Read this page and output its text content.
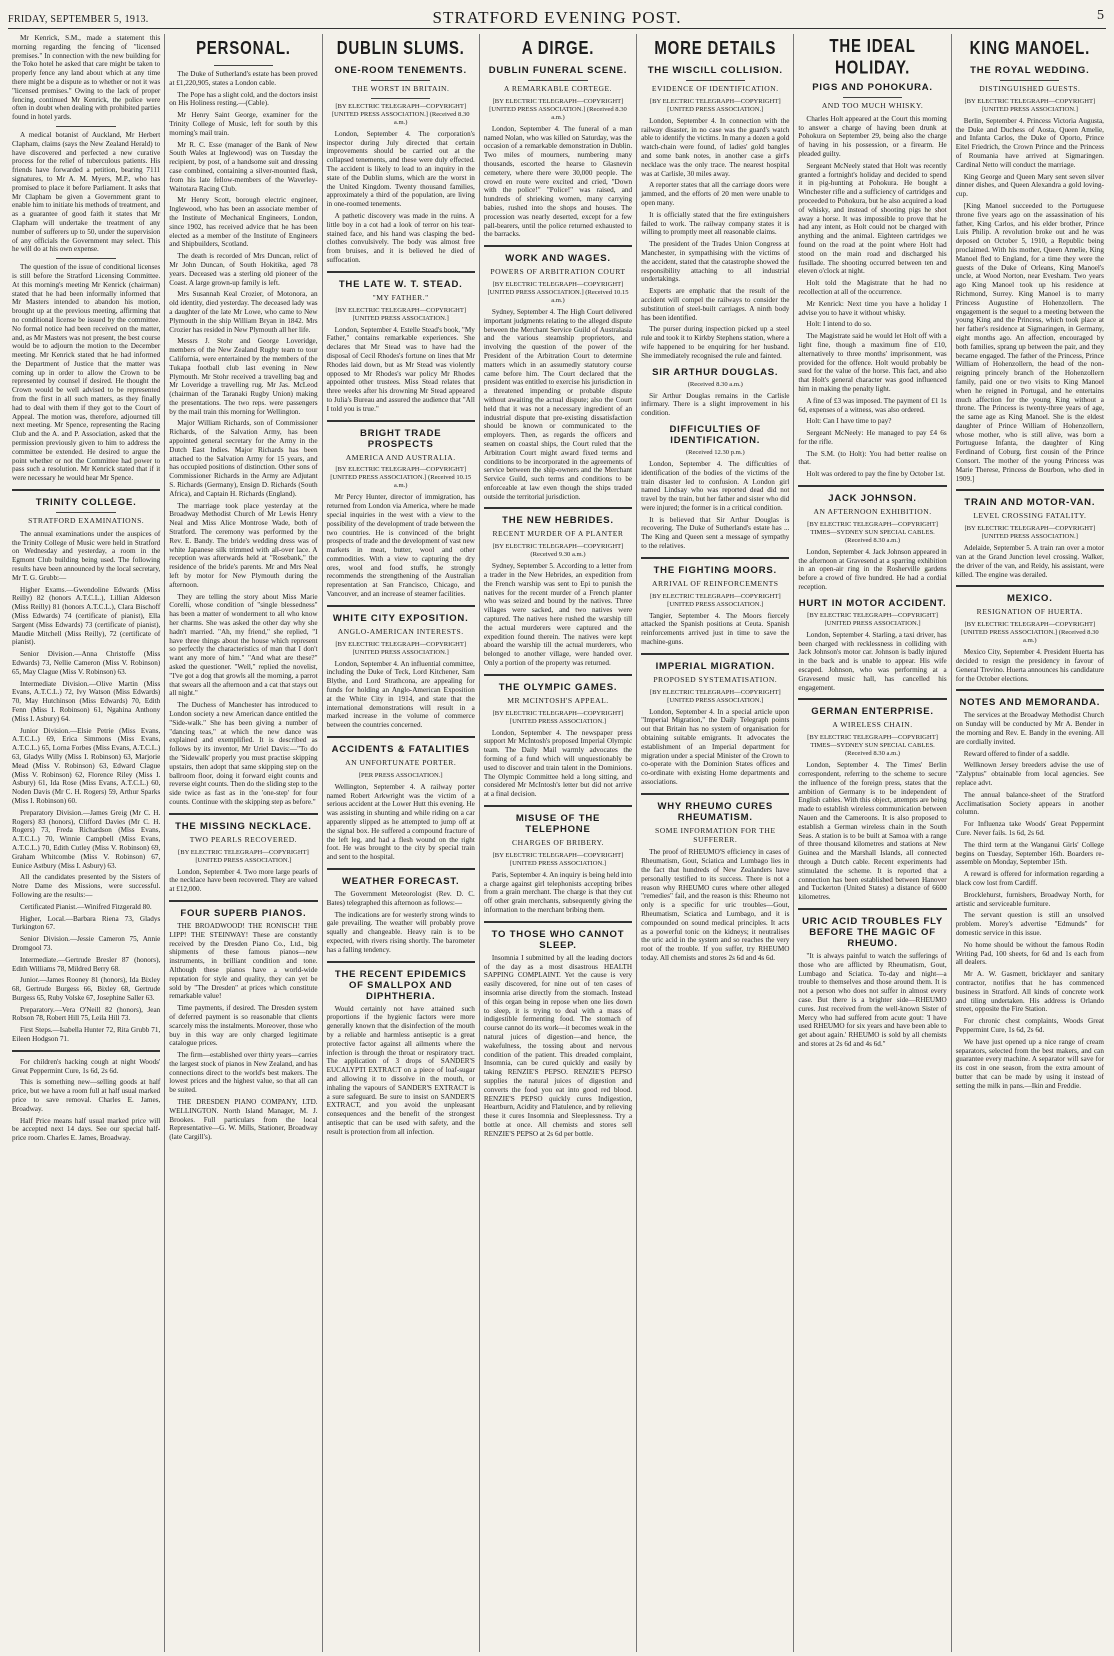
FRIDAY, SEPTEMBER 5, 1913.	STRATFORD EVENING POST.	5

Mr Kenrick, S.M., made a statement this morning regarding the fencing of "licensed premises." In connection with the new building for the Toko hotel he asked that care might be taken to properly fence any land about which at any time there might be a dispute as to whether or not it was "licensed premises." Owing to the lack of proper fencing, continued Mr Kenrick, the police were often in doubt when dealing with prohibited parties found in hotel yards.

A medical botanist of Auckland, Mr Herbert Clapham, claims (says the New Zealand Herald) to have discovered and perfected a new curative process for the relief of tuberculous patients. His friends have forwarded a petition, bearing 7111 signatures, to Mr A. M. Myers, M.P., who has promised to place it before Parliament. It asks that Mr Clapham be given a Government grant to enable him to initiate his methods of treatment, and as a guarantee of good faith it states that Mr Clapham will undertake the treatment of any number of sufferers up to 50, under the supervision of any officials the Government may select. This he will do at his own expense.

The question of the issue of conditional licenses is still before the Stratford Licensing Committee. At this morning's meeting Mr Kenrick (chairman) stated that he had been informally informed that Mr Masters intended to abandon his motion, brought up at the previous meeting, affirming that no conditional license be issued by the committee. No formal notice had been received on the matter, and, as Mr Masters was not present, the best course would be to adjourn the motion to the December meeting. Mr Kenrick stated that he had informed the Department of Justice that the matter was coming up in order to allow the Crown to be represented by counsel if desired. He thought the Crown would be well advised to be represented from the first in all such matters, as they finally had to deal with them if they got to the Court of Appeal. The motion was, therefore, adjourned till next meeting. Mr Spence, representing the Racing Club and the A. and P. Association, asked that the permission previously given to him to address the committee be extended. He desired to argue the point whether or not the Committee had power to pass such a resolution. Mr Kenrick stated that if it were necessary he would hear Mr Spence.

TRINITY COLLEGE.
STRATFORD EXAMINATIONS.

The annual examinations under the auspices of the Trinity College of Music were held in Stratford on Wednesday and yesterday, a room in the Egmont Club building being used. The following results have been announced by the local secretary, Mr T. G. Grubb:—

Higher Exams.—Gwendoline Edwards (Miss Reilly) 82 (honors A.T.C.L.), Lillian Alderson (Miss Reilly) 81 (honors A.T.C.L.), Clara Bischoff (Miss Edwards) 74 (certificate of pianist), Ella Sargent (Miss Edwards) 73 (certificate of pianist), Maudie Mitchell (Miss Reilly), 72 (certificate of pianist).

Senior Division.—Anna Christoffe (Miss Edwards) 73, Nellie Cameron (Miss V. Robinson) 65, May Clague (Miss V. Robinson) 63.

Intermediate Division.—Olive Martin (Miss Evans, A.T.C.L.) 72, Ivy Watson (Miss Edwards) 70, May Hutchinson (Miss Edwards) 70, Edith Fenn (Miss I. Robinson) 61, Ngahina Anthony (Miss I. Asbury) 64.

Junior Division.—Elsie Petrie (Miss Evans, A.T.C.L.) 69, Erica Simmons (Miss Evans, A.T.C.L.) 65, Lorna Forbes (Miss Evans, A.T.C.L.) 63, Gladys Willy (Miss I. Robinson) 63, Marjorie Mead (Miss V. Robinson) 63, Edward Clague (Miss V. Robinson) 62, Florence Riley (Miss I. Asbury) 61, Ida Rose (Miss Evans, A.T.C.L.) 60, Noden Davis (Mr C. H. Rogers) 59, Arthur Sparks (Miss I. Robinson) 60.

Preparatory Division.—James Greig (Mr C. H. Rogers) 83 (honors), Clifford Davies (Mr C. H. Rogers) 73, Freda Richardson (Miss Evans, A.T.C.L.) 70, Winnie Campbell (Miss Evans, A.T.C.L.) 70, Edith Cutley (Miss V. Robinson) 69, Graham Whitcombe (Miss V. Robinson) 67, Eunice Astbury (Miss I. Asbury) 63.

All the candidates presented by the Sisters of Notre Dame des Missions, were successful. Following are the results:—

Certificated Pianist.—Winifred Fitzgerald 80.

Higher, Local.—Barbara Riena 73, Gladys Turkington 67.

Senior Division.—Jessie Cameron 75, Annie Dromgool 73.

Intermediate.—Gertrude Bresler 87 (honors), Edith Williams 78, Mildred Berry 68.

Junior.—James Rooney 81 (honors), Ida Bixley 68, Gertrude Burgess 66, Bixley 68, Gertrude Burgess 65, Ruby Volske 67, Josephine Saller 63.

Preparatory.—Vera O'Neill 82 (honors), Jean Robson 78, Robert Hill 75, Leila Hill 73.

First Steps.—Isabella Hunter 72, Rita Grubb 71, Eileen Hodgson 71.

For children's hacking cough at night Woods' Great Peppermint Cure, 1s 6d, 2s 6d.

This is something new—selling goods at half price, but we have a room full at half usual marked price to save removal. Charles E. James, Broadway.

Half Price means half usual marked price will be accepted next 14 days. See our special half-price room. Charles E. James, Broadway.

PERSONAL.

The Duke of Sutherland's estate has been proved at £1,220,905, states a London cable.

The Pope has a slight cold, and the doctors insist on His Holiness resting.—(Cable).

Mr Henry Saint George, examiner for the Trinity College of Music, left for south by this morning's mail train.

Mr R. C. Esse (manager of the Bank of New South Wales at Inglewood) was on Tuesday the recipient, by post, of a handsome suit and dressing case combined, containing a silver-mounted flask, from his late fellow-members of the Waverley-Waitotara Racing Club.

Mr Henry Scott, borough electric engineer, Inglewood, who has been an associate member of the Institute of Mechanical Engineers, London, since 1902, has received advice that he has been elected as a member of the Institute of Engineers and Shipbuilders, Scotland.

The death is recorded of Mrs Duncan, relict of Mr John Duncan, of South Hokitika, aged 78 years. Deceased was a sterling old pioneer of the Coast. A large grown-up family is left.

Mrs Susannah Keal Crozier, of Motonora, an old identity, died yesterday. The deceased lady was a daughter of the late Mr Lowe, who came to New Plymouth in the ship William Bryan in 1842. Mrs Crozier has resided in New Plymouth all her life.

Messrs J. Stohr and George Loveridge, members of the New Zealand Rugby team to tour California, were entertained by the members of the Tukapa football club last evening in New Plymouth. Mr Stohr received a travelling bag and Mr Loveridge a travelling rug. Mr Jas. McLeod (chairman of the Taranaki Rugby Union) making the presentations. The two reps. were passengers by the mail train this morning for Wellington.

Major William Richards, son of Commissioner Richards, of the Salvation Army, has been appointed general secretary for the Army in the Dutch East Indies. Major Richards has been attached to the Salvation Army for 15 years, and has occupied positions of distinction. Other sons of Commissioner Richards in the Army are Adjutant S. Richards (Germany), Ensign D. Richards (South Africa), and Captain H. Richards (England).

The marriage took place yesterday at the Broadway Methodist Church of Mr Lewis Henry Neal and Miss Alice Montrose Wade, both of Stratford. The ceremony was performed by the Rev. E. Bandy. The bride's wedding dress was of white Japanese silk trimmed with all-over lace. A reception was afterwards held at "Rosebank," the residence of the bride's parents. Mr and Mrs Neal left by motor for New Plymouth during the afternoon.

They are telling the story about Miss Marie Corelli, whose condition of "single blessedness" has been a matter of wonderment to all who know her charms. She was asked the other day why she hadn't married. "Ah, my friend," she replied, "I have three things about the house which represent so perfectly the characteristics of man that I don't want any more of him." "And what are these?" asked the questioner. "Well," replied the novelist, "I've got a dog that growls all the morning, a parrot that swears all the afternoon and a cat that stays out all night."

The Duchess of Manchester has introduced to London society a new American dance entitled the "Side-walk." She has been giving a number of "dancing teas," at which the new dance was explained and exemplified. It is described as follows by its inventor, Mr Uriel Davis:—"To do the 'Sidewalk' properly you must practise skipping upstairs, then adopt that same skipping step on the ballroom floor, doing it forward eight counts and reverse eight counts. Then do the sliding step to the side twice as fast as in the 'one-step' for four counts. Continue with the skipping step as before."

THE MISSING NECKLACE.
TWO PEARLS RECOVERED.
[BY ELECTRIC TELEGRAPH—COPYRIGHT] [UNITED PRESS ASSOCIATION.]

London, September 4. Two more large pearls of the necklace have been recovered. They are valued at £12,000.

FOUR SUPERB PIANOS.

THE BROADWOOD! THE RONISCH! THE LIPP! THE STEINWAY! These are constantly received by the Dresden Piano Co., Ltd., big shipments of these famous pianos—new instruments, in brilliant condition and tone. Although these pianos have a world-wide reputation for style and quality, they can yet be sold by "The Dresden" at prices which constitute remarkable value!

Time payments, if desired. The Dresden system of deferred payment is so reasonable that clients scarcely miss the instalments. Moreover, those who buy in this way are only charged legitimate catalogue prices.

The firm—established over thirty years—carries the largest stock of pianos in New Zealand, and has connections direct to the world's best makers. The lowest prices and the highest value, so that all can be suited.

THE DRESDEN PIANO COMPANY, LTD. WELLINGTON. North Island Manager, M. J. Brookes. Full particulars from the local Representative—G. W. Mills, Stationer, Broadway (late Cargill's).

DUBLIN SLUMS.
ONE-ROOM TENEMENTS.
THE WORST IN BRITAIN.
[BY ELECTRIC TELEGRAPH—COPYRIGHT] [UNITED PRESS ASSOCIATION.] (Received 8.30 a.m.)

London, September 4. The corporation's inspector during July directed that certain improvements should be carried out at the collapsed tenements, and these were duly effected. The accident is likely to lead to an inquiry in the state of the Dublin slums, which are the worst in the United Kingdom. Twenty thousand families, approximately a third of the population, are living in one-roomed tenements.

A pathetic discovery was made in the ruins. A little boy in a cot had a look of terror on his tear-stained face, and his hand was clasping the bed-clothes convulsively. The body was almost free from bruises, and it is believed he died of suffocation.

THE LATE W. T. STEAD.
"MY FATHER."
[BY ELECTRIC TELEGRAPH—COPYRIGHT] [UNITED PRESS ASSOCIATION.]

London, September 4. Estelle Stead's book, "My Father," contains remarkable experiences. She declares that Mr Stead was to have had the disposal of Cecil Rhodes's fortune on lines that Mr Rhodes laid down, but as Mr Stead was violently opposed to Mr Rhodes's war policy Mr Rhodes appointed other trustees. Miss Stead relates that three weeks after his drowning Mr Stead appeared to Julia's Bureau and assured the audience that "All I told you is true."

BRIGHT TRADE PROSPECTS
AMERICA AND AUSTRALIA.
[BY ELECTRIC TELEGRAPH—COPYRIGHT] [UNITED PRESS ASSOCIATION.] (Received 10.15 a.m.)

Mr Percy Hunter, director of immigration, has returned from London via America, where he made special inquiries in the west with a view to the possibility of the development of trade between the two countries. He is convinced of the bright prospects of trade and the development of vast new markets in meat, butter, wool and other commodities. With a view to capturing the dry ores, wool and food stuffs, he strongly recommends the strengthening of the Australian representation at San Francisco, Chicago, and Vancouver, and an increase of steamer facilities.

WHITE CITY EXPOSITION.
ANGLO-AMERICAN INTERESTS.
[BY ELECTRIC TELEGRAPH—COPYRIGHT] [UNITED PRESS ASSOCIATION.]

London, September 4. An influential committee, including the Duke of Teck, Lord Kitchener, Sam Blythe, and Lord Strathcona, are appealing for funds for holding an Anglo-American Exposition at the White City in 1914, and state that the international demonstrations will result in a marked increase in the volume of commerce between the countries concerned.

ACCIDENTS & FATALITIES
AN UNFORTUNATE PORTER.
[PER PRESS ASSOCIATION.]

Wellington, September 4. A railway porter named Robert Arkwright was the victim of a serious accident at the Lower Hutt this evening. He was assisting in shunting and while riding on a car apparently slipped as he attempted to jump off at the signal box. He suffered a compound fracture of the left leg, and had a flesh wound on the right foot. He was brought to the city by special train and sent to the hospital.

WEATHER FORECAST.

The Government Meteorologist (Rev. D. C. Bates) telegraphed this afternoon as follows:—

The indications are for westerly strong winds to gale prevailing. The weather will probably prove squally and changeable. Heavy rain is to be expected, with rivers rising shortly. The barometer has a falling tendency.

THE RECENT EPIDEMICS OF SMALLPOX AND DIPHTHERIA.

Would certainly not have attained such proportions if the hygienic factors were more generally known that the disinfection of the mouth by a reliable and harmless antiseptic is a great protective factor against all ailments where the infection is through the throat or respiratory tract. The application of 3 drops of SANDER'S EUCALYPTI EXTRACT on a piece of loaf-sugar and allowing it to dissolve in the mouth, or inhaling the vapours of SANDER'S EXTRACT is a sure safeguard. Be sure to insist on SANDER'S EXTRACT, and you avoid the unpleasant consequences and the benefit of the strongest antiseptic that can be used with safety, and the result is protection from all infection.

A DIRGE.
DUBLIN FUNERAL SCENE.
A REMARKABLE CORTEGE.
[BY ELECTRIC TELEGRAPH—COPYRIGHT] [UNITED PRESS ASSOCIATION.] (Received 8.30 a.m.)

London, September 4. The funeral of a man named Nolan, who was killed on Saturday, was the occasion of a remarkable demonstration in Dublin. Two miles of mourners, numbering many thousands, escorted the hearse to Glasnevin cemetery, where there were 30,000 people. The crowd en route were excited and cried, "Down with the police!" "Police!" was raised, and hundreds of shrieking women, many carrying babies, rushed into the shops and houses. The procession was nearly deserted, except for a few pall-bearers, until the police returned exhausted to the barracks.

WORK AND WAGES.
POWERS OF ARBITRATION COURT
[BY ELECTRIC TELEGRAPH—COPYRIGHT] [UNITED PRESS ASSOCIATION.] (Received 10.15 a.m.)

Sydney, September 4. The High Court delivered important judgments relating to the alleged dispute between the Merchant Service Guild of Australasia and the various steamship proprietors, and involving the question of the power of the President of the Arbitration Court to determine matters which in an assumedly statutory course came before him. The Court declared that the president was entitled to exercise his jurisdiction in a threatened impending or probable dispute without awaiting the actual dispute; also the Court held that it was not a necessary ingredient of an industrial dispute that pre-existing dissatisfaction should be known or communicated to the employers. Then, as regards the officers and seamen on coastal ships, the Court ruled that the Arbitration Court might award fixed terms and conditions to be incorporated in the agreements of service between the ship-owners and the Merchant Service Guild, such terms and conditions to be enforceable at law even though the ships traded outside the territorial jurisdiction.

THE NEW HEBRIDES.
RECENT MURDER OF A PLANTER
[BY ELECTRIC TELEGRAPH—COPYRIGHT] (Received 9.30 a.m.)

Sydney, September 5. According to a letter from a trader in the New Hebrides, an expedition from the French warship was sent to Epi to punish the natives for the recent murder of a French planter who was seized and bound by the natives. Three villages were sacked, and two natives were captured. The natives here rushed the warship till the actual murderers were captured and the expedition found therein. The natives were kept aboard the warship till the actual murderers, who belonged to another village, were handed over. Only a portion of the property was returned.

THE OLYMPIC GAMES.
MR MCINTOSH'S APPEAL.
[BY ELECTRIC TELEGRAPH—COPYRIGHT] [UNITED PRESS ASSOCIATION.]

London, September 4. The newspaper press support Mr McIntosh's proposed Imperial Olympic team. The Daily Mail warmly advocates the forming of a fund which will unquestionably be used to discover and train talent in the Dominions. The Olympic Committee held a long sitting, and considered Mr McIntosh's letter but did not arrive at a final decision.

MISUSE OF THE TELEPHONE
CHARGES OF BRIBERY.
[BY ELECTRIC TELEGRAPH—COPYRIGHT] [UNITED PRESS ASSOCIATION.]

Paris, September 4. An inquiry is being held into a charge against girl telephonists accepting bribes from a grain merchant. The charge is that they cut off other grain merchants, subsequently giving the information to the merchant bribing them.

TO THOSE WHO CANNOT SLEEP.

Insomnia I submitted by all the leading doctors of the day as a most disastrous HEALTH SAPPING COMPLAINT. Yet the cause is very easily discovered, for nine out of ten cases of insomnia arise directly from the stomach. Instead of this organ being in repose when one lies down to sleep, it is trying to deal with a mass of indigestible fermenting food. The stomach of course cannot do its work—it becomes weak in the natural juices of digestion—and hence, the wakefulness, the tossing about and nervous condition of the patient. This dreaded complaint, Insomnia, can be cured quickly and easily by taking RENZIE'S PEPSO. RENZIE'S PEPSO supplies the natural juices of digestion and converts the food you eat into good red blood. RENZIE'S PEPSO quickly cures Indigestion, Heartburn, Acidity and Flatulence, and by relieving these it cures Insomnia and Sleeplessness. Try a bottle at once. All chemists and stores sell RENZIE'S PEPSO at 2s 6d per bottle.

MORE DETAILS
THE WISCILL COLLISION.
EVIDENCE OF IDENTIFICATION.
[BY ELECTRIC TELEGRAPH—COPYRIGHT] [UNITED PRESS ASSOCIATION.]

London, September 4. In connection with the railway disaster, in no case was the guard's watch able to identify the victims. In many a dozen a gold watch-chain were found, of ladies' gold bangles and some bank notes, in another case a girl's necklace was the only trace. The nearest hospital was at Carlisle, 30 miles away.

A reporter states that all the carriage doors were jammed, and the efforts of 20 men were unable to open many.

It is officially stated that the fire extinguishers failed to work. The railway company states it is willing to promptly meet all reasonable claims.

The president of the Trades Union Congress at Manchester, in sympathising with the victims of the accident, stated that the catastrophe showed the responsibility attaching to all industrial undertakings.

Experts are emphatic that the result of the accident will compel the railways to consider the substitution of steel-built carriages. A ninth body has been identified.

The purser during inspection picked up a steel rule and took it to Kirkby Stephens station, where a wife happened to be enquiring for her husband. She immediately recognised the rule and fainted.

SIR ARTHUR DOUGLAS.
(Received 8.30 a.m.)

Sir Arthur Douglas remains in the Carlisle infirmary. There is a slight improvement in his condition.

DIFFICULTIES OF IDENTIFICATION.
(Received 12.30 p.m.)

London, September 4. The difficulties of identification of the bodies of the victims of the train disaster led to confusion. A London girl named Lindsay who was reported dead did not travel by the train, but her father and sister who did were injured; the former is in a critical condition.

It is believed that Sir Arthur Douglas is recovering. The Duke of Sutherland's estate has ... The King and Queen sent a message of sympathy to the relatives.

THE FIGHTING MOORS.
ARRIVAL OF REINFORCEMENTS
[BY ELECTRIC TELEGRAPH—COPYRIGHT] [UNITED PRESS ASSOCIATION.]

Tangier, September 4. The Moors fiercely attacked the Spanish positions at Ceuta. Spanish reinforcements arrived just in time to save the machine-guns.

IMPERIAL MIGRATION.
PROPOSED SYSTEMATISATION.
[BY ELECTRIC TELEGRAPH—COPYRIGHT] [UNITED PRESS ASSOCIATION.]

London, September 4. In a special article upon "Imperial Migration," the Daily Telegraph points out that Britain has no system of organisation for obtaining suitable emigrants. It advocates the establishment of an Imperial department for migration under a special Minister of the Crown to co-operate with the Dominion States offices and co-ordinate with existing Home departments and associations.

WHY RHEUMO CURES RHEUMATISM.
SOME INFORMATION FOR THE SUFFERER.

The proof of RHEUMO'S efficiency in cases of Rheumatism, Gout, Sciatica and Lumbago lies in the fact that hundreds of New Zealanders have personally testified to its success. There is not a reason why RHEUMO cures where other alleged "remedies" fail, and the reason is this: Rheumo not only is a specific for uric troubles—Gout, Rheumatism, Sciatica and Lumbago, and it is compounded on sound medical principles. It acts as a powerful tonic on the kidneys; it neutralises the uric acid in the system and so reaches the very root of the trouble. If you suffer, try RHEUMO today. All chemists and stores 2s 6d and 4s 6d.

THE IDEAL HOLIDAY.
PIGS AND POHOKURA.
AND TOO MUCH WHISKY.

Charles Holt appeared at the Court this morning to answer a charge of having been drunk at Pohokura on September 29, being also the charge of having in his possession, or a firearm. He pleaded guilty.

Sergeant McNeely stated that Holt was recently granted a fortnight's holiday and decided to spend it in pig-hunting at Pohokura. He bought a Winchester rifle and a sufficiency of cartridges and proceeded to Pohokura, but he also acquired a load of whisky, and instead of shooting pigs he shot away a horse. It was impossible to prove that he had any intent, as Holt could not be charged with anything and the animal. Eighteen cartridges we found on the road at the point where Holt had stood on the main road and discharged his fusillade. The shooting occurred between ten and eleven o'clock at night.

Holt told the Magistrate that he had no recollection at all of the occurrence.

Mr Kenrick: Next time you have a holiday I advise you to have it without whisky.

Holt: I intend to do so.

The Magistrate said he would let Holt off with a light fine, though a maximum fine of £10, alternatively to three months' imprisonment, was provided for the offence. Holt would probably be sued for the value of the horse. This fact, and also that Holt's general character was good influenced him in making the penalty light.

A fine of £3 was imposed. The payment of £1 1s 6d, expenses of a witness, was also ordered.

Holt: Can I have time to pay?

Sergeant McNeely: He managed to pay £4 6s for the rifle.

The S.M. (to Holt): You had better realise on that.

Holt was ordered to pay the fine by October 1st.

JACK JOHNSON.
AN AFTERNOON EXHIBITION.
[BY ELECTRIC TELEGRAPH—COPYRIGHT] TIMES—SYDNEY SUN SPECIAL CABLES. (Received 8.30 a.m.)

London, September 4. Jack Johnson appeared in the afternoon at Gravesend at a sparring exhibition in an open-air ring in the Rosherville gardens before a crowd of five hundred. He had a cordial reception.

HURT IN MOTOR ACCIDENT.
[BY ELECTRIC TELEGRAPH—COPYRIGHT] [UNITED PRESS ASSOCIATION.]

London, September 4. Starling, a taxi driver, has been charged with recklessness in colliding with Jack Johnson's motor car. Johnson is badly injured in the back and is unable to appear. His wife escaped. Johnson, who was performing at a Gravesend music hall, has cancelled his engagement.

GERMAN ENTERPRISE.
A WIRELESS CHAIN.
[BY ELECTRIC TELEGRAPH—COPYRIGHT] TIMES—SYDNEY SUN SPECIAL CABLES. (Received 8.30 a.m.)

London, September 4. The Times' Berlin correspondent, referring to the scheme to secure the influence of the foreign press, states that the ambition of Germany is to be independent of English cables. With this object, attempts are being made to establish wireless communication between Nauen and the Cameroons. It is also proposed to establish a German wireless chain in the South Seas. A station is to be built at Samoa with a range of three thousand kilometres and stations at New Guinea and the Marshall Islands, all connected through a Dutch cable. Recent experiments had stimulated the scheme. It is reported that a connection has been established between Hanover and Tuckerton (United States) a distance of 6600 kilometres.

URIC ACID TROUBLES FLY BEFORE THE MAGIC OF RHEUMO.

"It is always painful to watch the sufferings of those who are afflicted by Rheumatism, Gout, Lumbago and Sciatica. To-day and night—a trouble to themselves and those around them. It is not a person who does not suffer in almost every case. But there is a brighter side—RHEUMO cures. Just received from the well-known Sister of Mercy who had suffered from acute gout: 'I have used RHEUMO for six years and have been able to get about again.' RHEUMO is sold by all chemists and stores at 2s 6d and 4s 6d."

KING MANOEL.
THE ROYAL WEDDING.
DISTINGUISHED GUESTS.
[BY ELECTRIC TELEGRAPH—COPYRIGHT] [UNITED PRESS ASSOCIATION.]

Berlin, September 4. Princess Victoria Augusta, the Duke and Duchess of Aosta, Queen Amelie, and Infanta Carlos, the Duke of Oporto, Prince Eitel Friedrich, the Crown Prince and the Princess of Roumania have arrived at Sigmaringen. Cardinal Netto will conduct the marriage.

King George and Queen Mary sent seven silver dinner dishes, and Queen Alexandra a gold loving-cup.

[King Manoel succeeded to the Portuguese throne five years ago on the assassination of his father, King Carlos, and his elder brother, Prince Luis Philip. A revolution broke out and he was deposed on October 5, 1910, a Republic being proclaimed. With his mother, Queen Amelie, King Manoel fled to England, for a time they were the guests of the Duke of Orleans, King Manoel's uncle, at Wood Norton, near Evesham. Two years ago King Manoel took up his residence at Richmond, Surrey. King Manoel is to marry Princess Augustine of Hohenzollern. The engagement is the sequel to a meeting between the young King and the Princess, which took place at her father's residence at Sigmaringen, in Germany, eight months ago. An affection, encouraged by both families, sprang up between the pair, and they became engaged. The father of the Princess, Prince William of Hohenzollern, the head of the non-reigning princely branch of the Hohenzollern family, paid one or two visits to King Manoel when he reigned in Portugal, and he entertains much affection for the young King without a throne. The Princess is twenty-three years of age, the same age as King Manoel. She is the eldest daughter of Prince William of Hohenzollern, whose mother, who is still alive, was born a Portuguese Infanta, the daughter of King Ferdinand of Coburg, first cousin of the Prince Consort. The mother of the young Princess was Marie Therese, Princess de Bourbon, who died in 1909.]

TRAIN AND MOTOR-VAN.
LEVEL CROSSING FATALITY.
[BY ELECTRIC TELEGRAPH—COPYRIGHT] [UNITED PRESS ASSOCIATION.]

Adelaide, September 5. A train ran over a motor van at the Grand Junction level crossing. Walker, the driver of the van, and Reidy, his assistant, were killed. The engine was derailed.

MEXICO.
RESIGNATION OF HUERTA.
[BY ELECTRIC TELEGRAPH—COPYRIGHT] [UNITED PRESS ASSOCIATION.] (Received 8.30 a.m.)

Mexico City, September 4. President Huerta has decided to resign the presidency in favour of General Trevino. Huerta announces his candidature for the October elections.

NOTES AND MEMORANDA.

The services at the Broadway Methodist Church on Sunday will be conducted by Mr A. Bender in the morning and Rev. E. Bandy in the evening. All are cordially invited.

Reward offered to finder of a saddle.

Wellknown Jersey breeders advise the use of "Zalyptus" obtainable from local agencies. See replace advt.

The annual balance-sheet of the Stratford Acclimatisation Society appears in another column.

For Influenza take Woods' Great Peppermint Cure. Never fails. 1s 6d, 2s 6d.

The third term at the Wanganui Girls' College begins on Tuesday, September 16th. Boarders re-assemble on Monday, September 15th.

A reward is offered for information regarding a black cow lost from Cardiff.

Brocklehurst, furnishers, Broadway North, for artistic and serviceable furniture.

The servant question is still an unsolved problem. Morey's advertise "Edmunds" for domestic service in this issue.

No home should be without the famous Rodin Writing Pad, 100 sheets, for 6d and 1s each from all dealers.

Mr A. W. Gasmett, bricklayer and sanitary contractor, notifies that he has commenced business in Stratford. All kinds of concrete work and tiling undertaken. His address is Orlando street, opposite the Fire Station.

For chronic chest complaints, Woods Great Peppermint Cure, 1s 6d, 2s 6d.

We have just opened up a nice range of cream separators, selected from the best makers, and can guarantee every machine. A separator will save for its cost in one season, from the extra amount of butter that can be made by using it instead of setting the milk in pans.—Ikin and Freddie.
